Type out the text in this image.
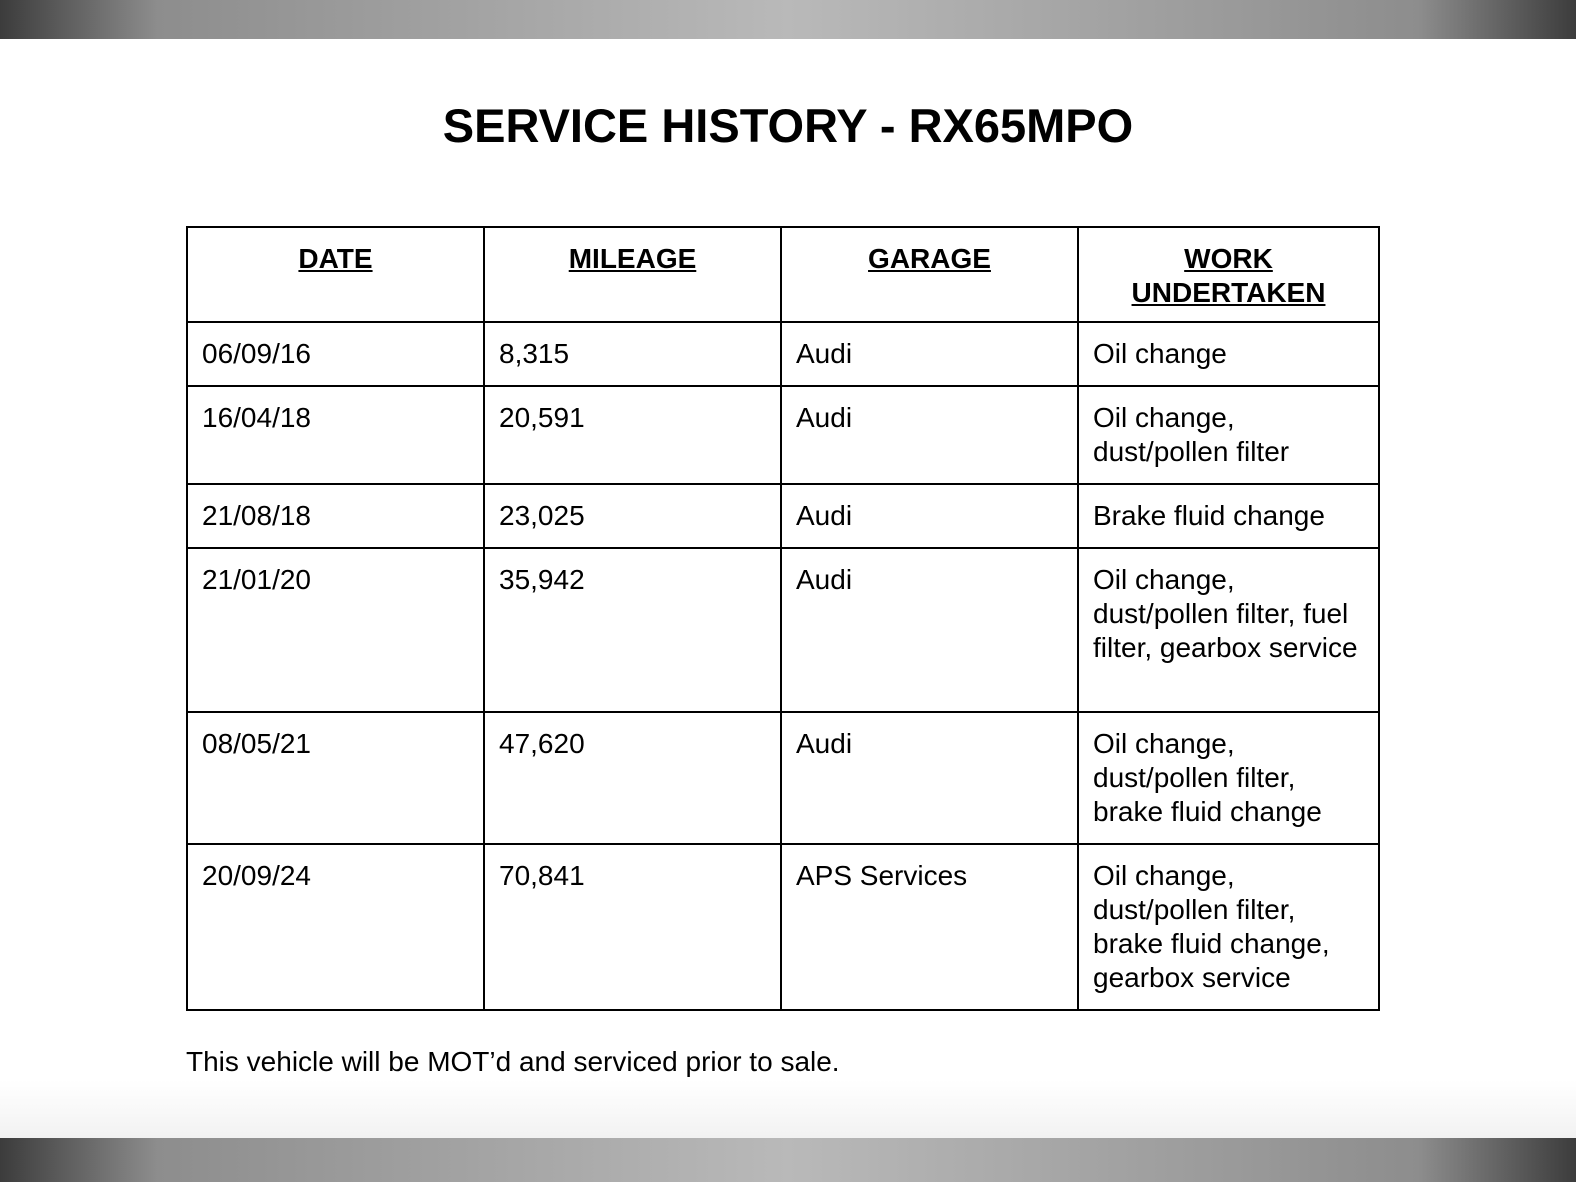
SERVICE HISTORY - RX65MPO
DATE	MILEAGE	GARAGE	WORK UNDERTAKEN
06/09/16	8,315	Audi	Oil change
16/04/18	20,591	Audi	Oil change, dust/pollen filter
21/08/18	23,025	Audi	Brake fluid change
21/01/20	35,942	Audi	Oil change, dust/pollen filter, fuel filter, gearbox service
08/05/21	47,620	Audi	Oil change, dust/pollen filter, brake fluid change
20/09/24	70,841	APS Services	Oil change, dust/pollen filter, brake fluid change, gearbox service
This vehicle will be MOT’d and serviced prior to sale.
